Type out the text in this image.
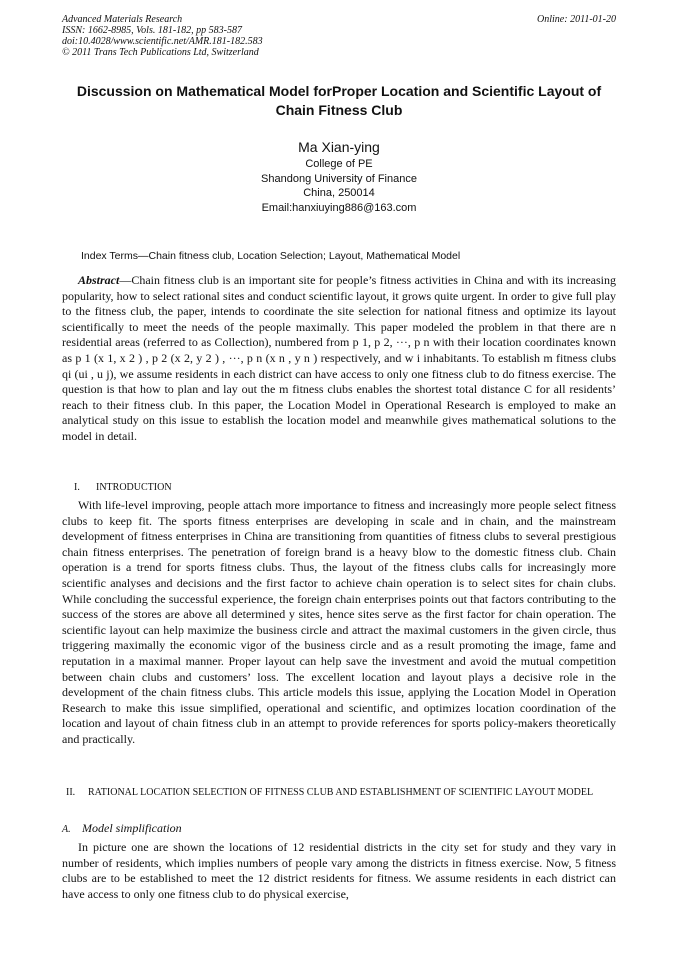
Advanced Materials Research
ISSN: 1662-8985, Vols. 181-182, pp 583-587
doi:10.4028/www.scientific.net/AMR.181-182.583
© 2011 Trans Tech Publications Ltd, Switzerland
Online: 2011-01-20
Discussion on Mathematical Model forProper Location and Scientific Layout of Chain Fitness Club
Ma Xian-ying
College of PE
Shandong University of Finance
China, 250014
Email:hanxiuying886@163.com
Index Terms—Chain fitness club, Location Selection; Layout, Mathematical Model
Abstract—Chain fitness club is an important site for people’s fitness activities in China and with its increasing popularity, how to select rational sites and conduct scientific layout, it grows quite urgent. In order to give full play to the fitness club, the paper, intends to coordinate the site selection for national fitness and optimize its layout scientifically to meet the needs of the people maximally. This paper modeled the problem in that there are n residential areas (referred to as Collection), numbered from p 1, p 2, ···, p n with their location coordinates known as p 1 (x 1, x 2 ) , p 2 (x 2, y 2 ) , ···, p n (x n , y n ) respectively, and w i inhabitants. To establish m fitness clubs qi (ui , u j), we assume residents in each district can have access to only one fitness club to do fitness exercise. The question is that how to plan and lay out the m fitness clubs enables the shortest total distance C for all residents’ reach to their fitness club. In this paper, the Location Model in Operational Research is employed to make an analytical study on this issue to establish the location model and meanwhile gives mathematical solutions to the model in detail.
I. INTRODUCTION
With life-level improving, people attach more importance to fitness and increasingly more people select fitness clubs to keep fit. The sports fitness enterprises are developing in scale and in chain, and the mainstream development of fitness enterprises in China are transitioning from quantities of fitness clubs to several prestigious chain fitness enterprises. The penetration of foreign brand is a heavy blow to the domestic fitness club. Chain operation is a trend for sports fitness clubs. Thus, the layout of the fitness clubs calls for increasingly more scientific analyses and decisions and the first factor to achieve chain operation is to select sites for chain clubs. While concluding the successful experience, the foreign chain enterprises points out that factors contributing to the success of the stores are above all determined y sites, hence sites serve as the first factor for chain operation. The scientific layout can help maximize the business circle and attract the maximal customers in the given circle, thus triggering maximally the economic vigor of the business circle and as a result promoting the image, fame and reputation in a maximal manner. Proper layout can help save the investment and avoid the mutual competition between chain clubs and customers’ loss. The excellent location and layout plays a decisive role in the development of the chain fitness clubs. This article models this issue, applying the Location Model in Operation Research to make this issue simplified, operational and scientific, and optimizes location coordination of the location and layout of chain fitness club in an attempt to provide references for sports policy-makers theoretically and practically.
II. RATIONAL LOCATION SELECTION OF FITNESS CLUB AND ESTABLISHMENT OF SCIENTIFIC LAYOUT MODEL
A. Model simplification
In picture one are shown the locations of 12 residential districts in the city set for study and they vary in number of residents, which implies numbers of people vary among the districts in fitness exercise. Now, 5 fitness clubs are to be established to meet the 12 district residents for fitness. We assume residents in each district can have access to only one fitness club to do physical exercise,
